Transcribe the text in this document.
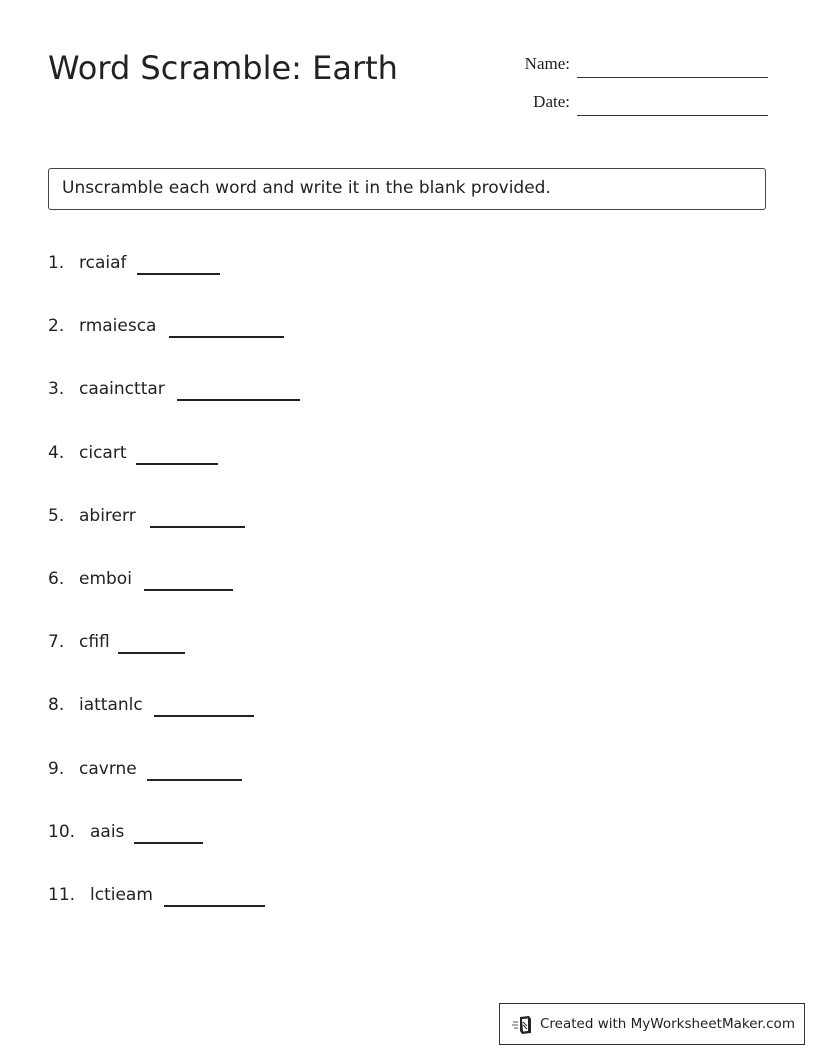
Word Scramble: Earth	Name:
Date:
Unscramble each word and write it in the blank provided.
1. rcaiaf
2. rmaiesca
3. caaincttar
4. cicart
5. abirerr
6. emboi
7. cfifl
8. iattanlc
9. cavrne
10. aais
11. lctieam
Created with MyWorksheetMaker.com
